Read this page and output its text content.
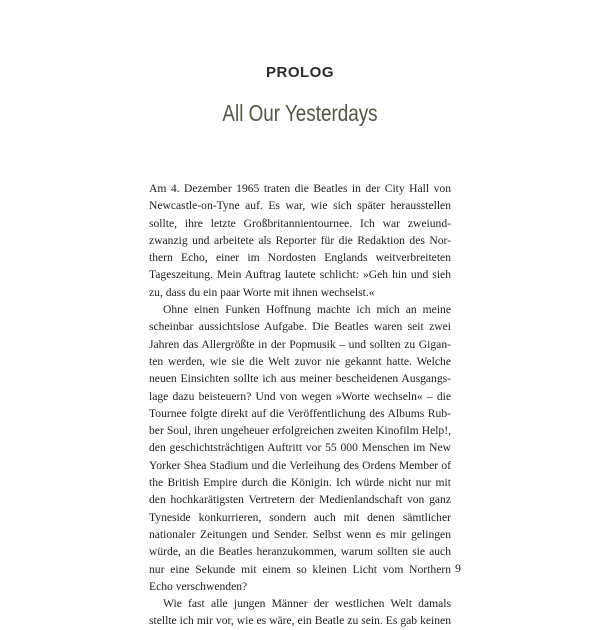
PROLOG
All Our Yesterdays

Am 4. Dezember 1965 traten die Beatles in der City Hall von
Newcastle-on-Tyne auf. Es war, wie sich später herausstellen
sollte, ihre letzte Großbritannientournee. Ich war zweiund-
zwanzig und arbeitete als Reporter für die Redaktion des Nor-
thern Echo, einer im Nordosten Englands weitverbreiteten
Tageszeitung. Mein Auftrag lautete schlicht: »Geh hin und sieh
zu, dass du ein paar Worte mit ihnen wechselst.«

Ohne einen Funken Hoffnung machte ich mich an meine
scheinbar aussichtslose Aufgabe. Die Beatles waren seit zwei
Jahren das Allergrößte in der Popmusik – und sollten zu Gigan-
ten werden, wie sie die Welt zuvor nie gekannt hatte. Welche
neuen Einsichten sollte ich aus meiner bescheidenen Ausgangs-
lage dazu beisteuern? Und von wegen »Worte wechseln« – die
Tournee folgte direkt auf die Veröffentlichung des Albums Rub-
ber Soul, ihren ungeheuer erfolgreichen zweiten Kinofilm Help!,
den geschichtsträchtigen Auftritt vor 55 000 Menschen im New
Yorker Shea Stadium und die Verleihung des Ordens Member of
the British Empire durch die Königin. Ich würde nicht nur mit
den hochkarätigsten Vertretern der Medienlandschaft von ganz
Tyneside konkurrieren, sondern auch mit denen sämtlicher
nationaler Zeitungen und Sender. Selbst wenn es mir gelingen
würde, an die Beatles heranzukommen, warum sollten sie auch
nur eine Sekunde mit einem so kleinen Licht vom Northern
Echo verschwenden?

Wie fast alle jungen Männer der westlichen Welt damals
stellte ich mir vor, wie es wäre, ein Beatle zu sein. Es gab keinen

9
